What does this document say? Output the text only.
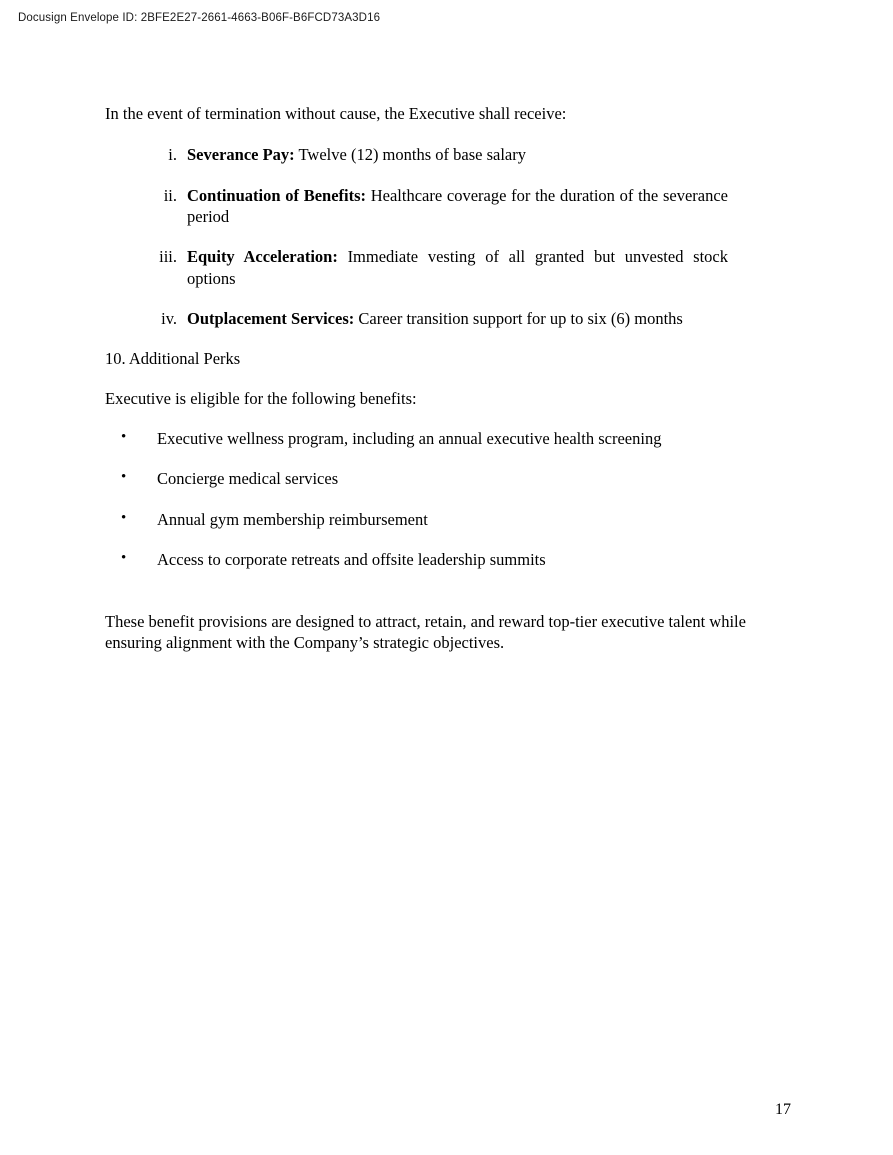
Docusign Envelope ID: 2BFE2E27-2661-4663-B06F-B6FCD73A3D16

In the event of termination without cause, the Executive shall receive:

i. Severance Pay: Twelve (12) months of base salary
ii. Continuation of Benefits: Healthcare coverage for the duration of the severance period
iii. Equity Acceleration: Immediate vesting of all granted but unvested stock options
iv. Outplacement Services: Career transition support for up to six (6) months

10. Additional Perks

Executive is eligible for the following benefits:

• Executive wellness program, including an annual executive health screening
• Concierge medical services
• Annual gym membership reimbursement
• Access to corporate retreats and offsite leadership summits

These benefit provisions are designed to attract, retain, and reward top-tier executive talent while ensuring alignment with the Company’s strategic objectives.

17
